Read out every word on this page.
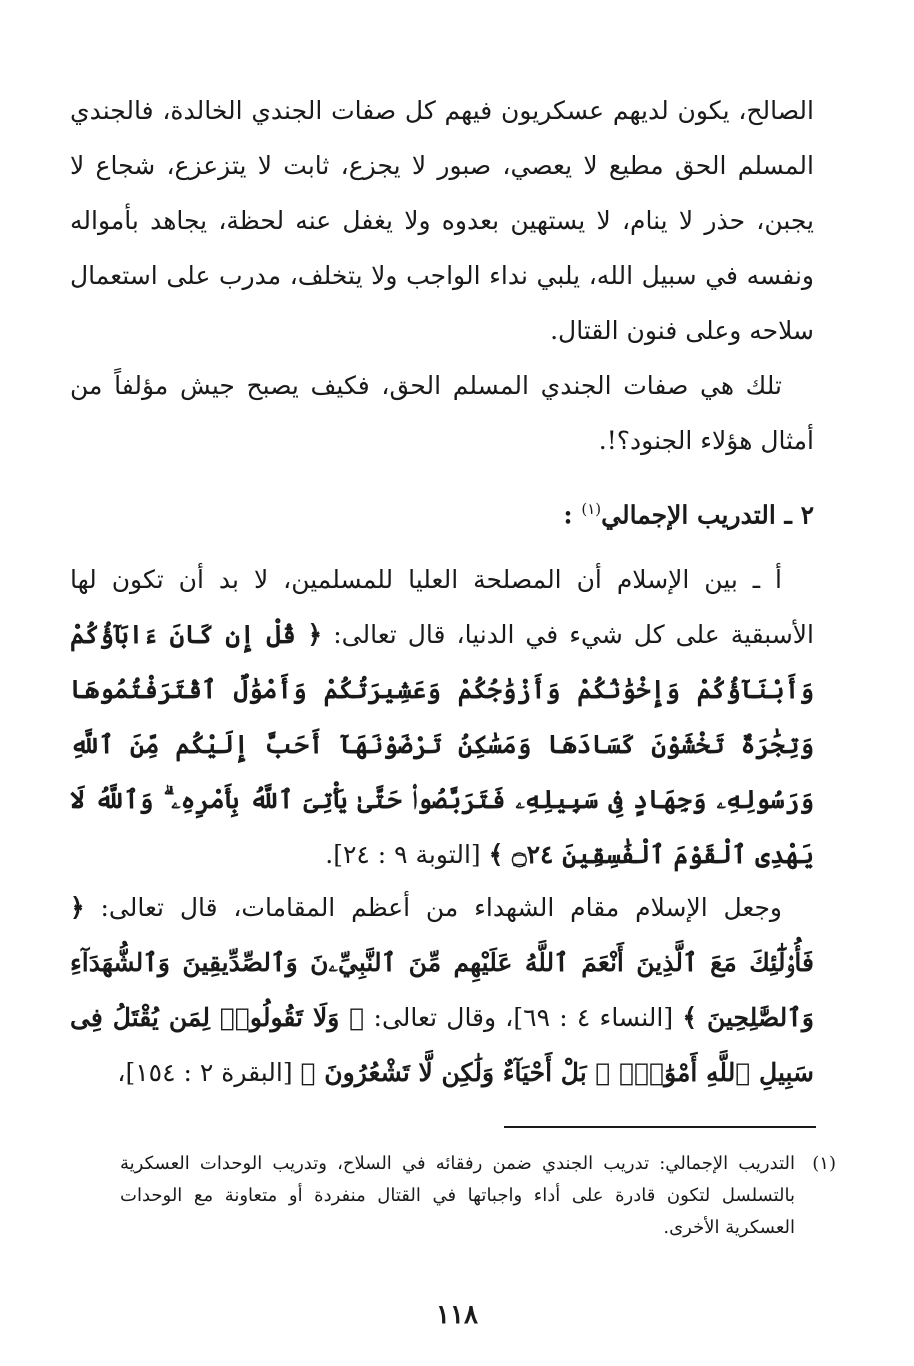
الصالح، يكون لديهم عسكريون فيهم كل صفات الجندي الخالدة، فالجندي المسلم الحق مطيع لا يعصي، صبور لا يجزع، ثابت لا يتزعزع، شجاع لا يجبن، حذر لا ينام، لا يستهين بعدوه ولا يغفل عنه لحظة، يجاهد بأمواله ونفسه في سبيل الله، يلبي نداء الواجب ولا يتخلف، مدرب على استعمال سلاحه وعلى فنون القتال.

تلك هي صفات الجندي المسلم الحق، فكيف يصبح جيش مؤلفاً من أمثال هؤلاء الجنود؟!.

٢ ـ التدريب الإجمالي$^{(١)}$ :

أ ـ بين الإسلام أن المصلحة العليا للمسلمين، لا بد أن تكون لها الأسبقية على كل شيء في الدنيا، قال تعالى: ﴿ قُلْ إِن كَانَ ءَابَآؤُكُمْ وَأَبْنَآؤُكُمْ وَإِخْوَٰنُكُمْ وَأَزْوَٰجُكُمْ وَعَشِيرَتُكُمْ وَأَمْوَٰلٌ ٱقْتَرَفْتُمُوهَا وَتِجَٰرَةٌ تَخْشَوْنَ كَسَادَهَا وَمَسَٰكِنُ تَرْضَوْنَهَآ أَحَبَّ إِلَيْكُم مِّنَ ٱللَّهِ وَرَسُولِهِۦ وَجِهَادٍ فِى سَبِيلِهِۦ فَتَرَبَّصُوا۟ حَتَّىٰ يَأْتِىَ ٱللَّهُ بِأَمْرِهِۦ ۗ وَٱللَّهُ لَا يَهْدِى ٱلْقَوْمَ ٱلْفَٰسِقِينَ ۝٢٤ ﴾ [التوبة ٩ : ٢٤].

وجعل الإسلام مقام الشهداء من أعظم المقامات، قال تعالى: ﴿ فَأُو۟لَٰٓئِكَ مَعَ ٱلَّذِينَ أَنْعَمَ ٱللَّهُ عَلَيْهِم مِّنَ ٱلنَّبِيِّۦنَ وَٱلصِّدِّيقِينَ وَٱلشُّهَدَآءِ وَٱلصَّٰلِحِينَ ﴾ [النساء ٤ : ٦٩]، وقال تعالى: ﴿ وَلَا تَقُولُوا۟ لِمَن يُقْتَلُ فِى سَبِيلِ ٱللَّهِ أَمْوَٰتٌۢ ۚ بَلْ أَحْيَآءٌ وَلَٰكِن لَّا تَشْعُرُونَ ﴾ [البقرة ٢ : ١٥٤]،

(١)

التدريب الإجمالي: تدريب الجندي ضمن رفقائه في السلاح، وتدريب الوحدات العسكرية بالتسلسل لتكون قادرة على أداء واجباتها في القتال منفردة أو متعاونة مع الوحدات العسكرية الأخرى.

١١٨
